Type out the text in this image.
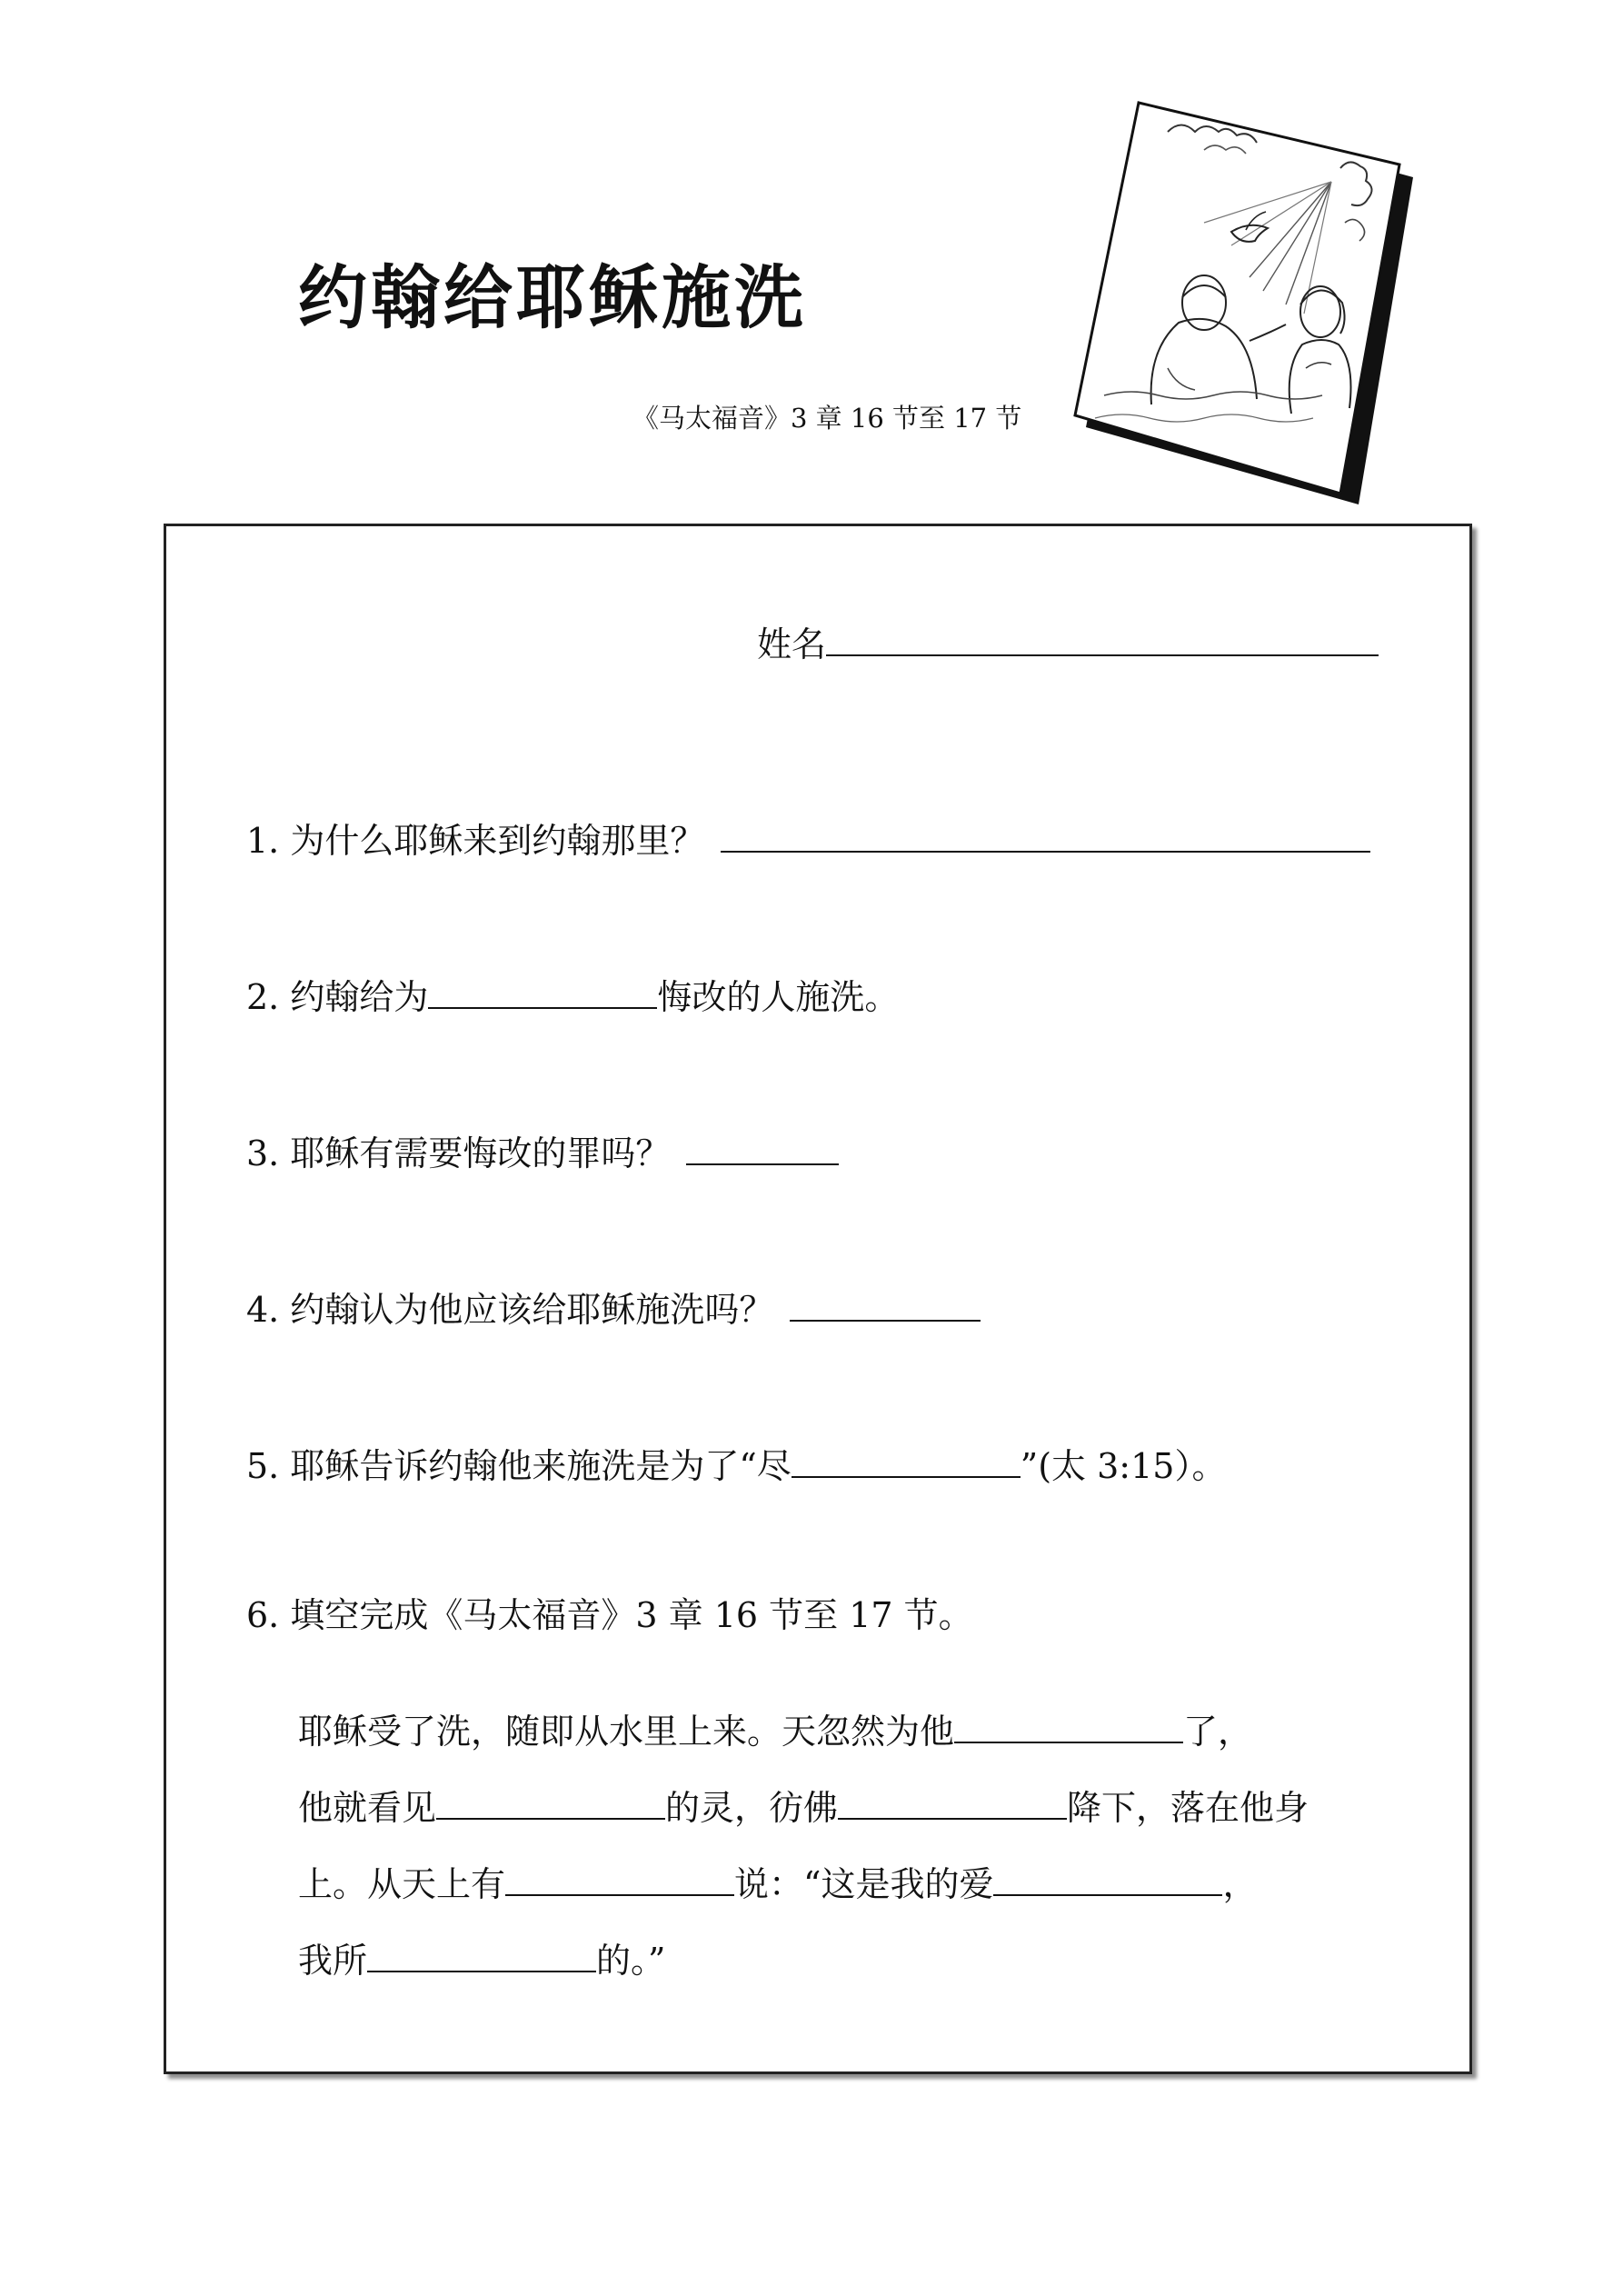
约翰给耶稣施洗
《马太福音》3 章 16 节至 17 节
姓名
1. 为什么耶稣来到约翰那里？
2. 约翰给为	悔改的人施洗。
3. 耶稣有需要悔改的罪吗？
4. 约翰认为他应该给耶稣施洗吗？
5. 耶稣告诉约翰他来施洗是为了“尽	”(太 3:15）。
6. 填空完成《马太福音》3 章 16 节至 17 节。
耶稣受了洗，随即从水里上来。天忽然为他	了，
他就看见	的灵，彷佛	降下，落在他身
上。从天上有	说：“这是我的爱	，
我所	的。”
